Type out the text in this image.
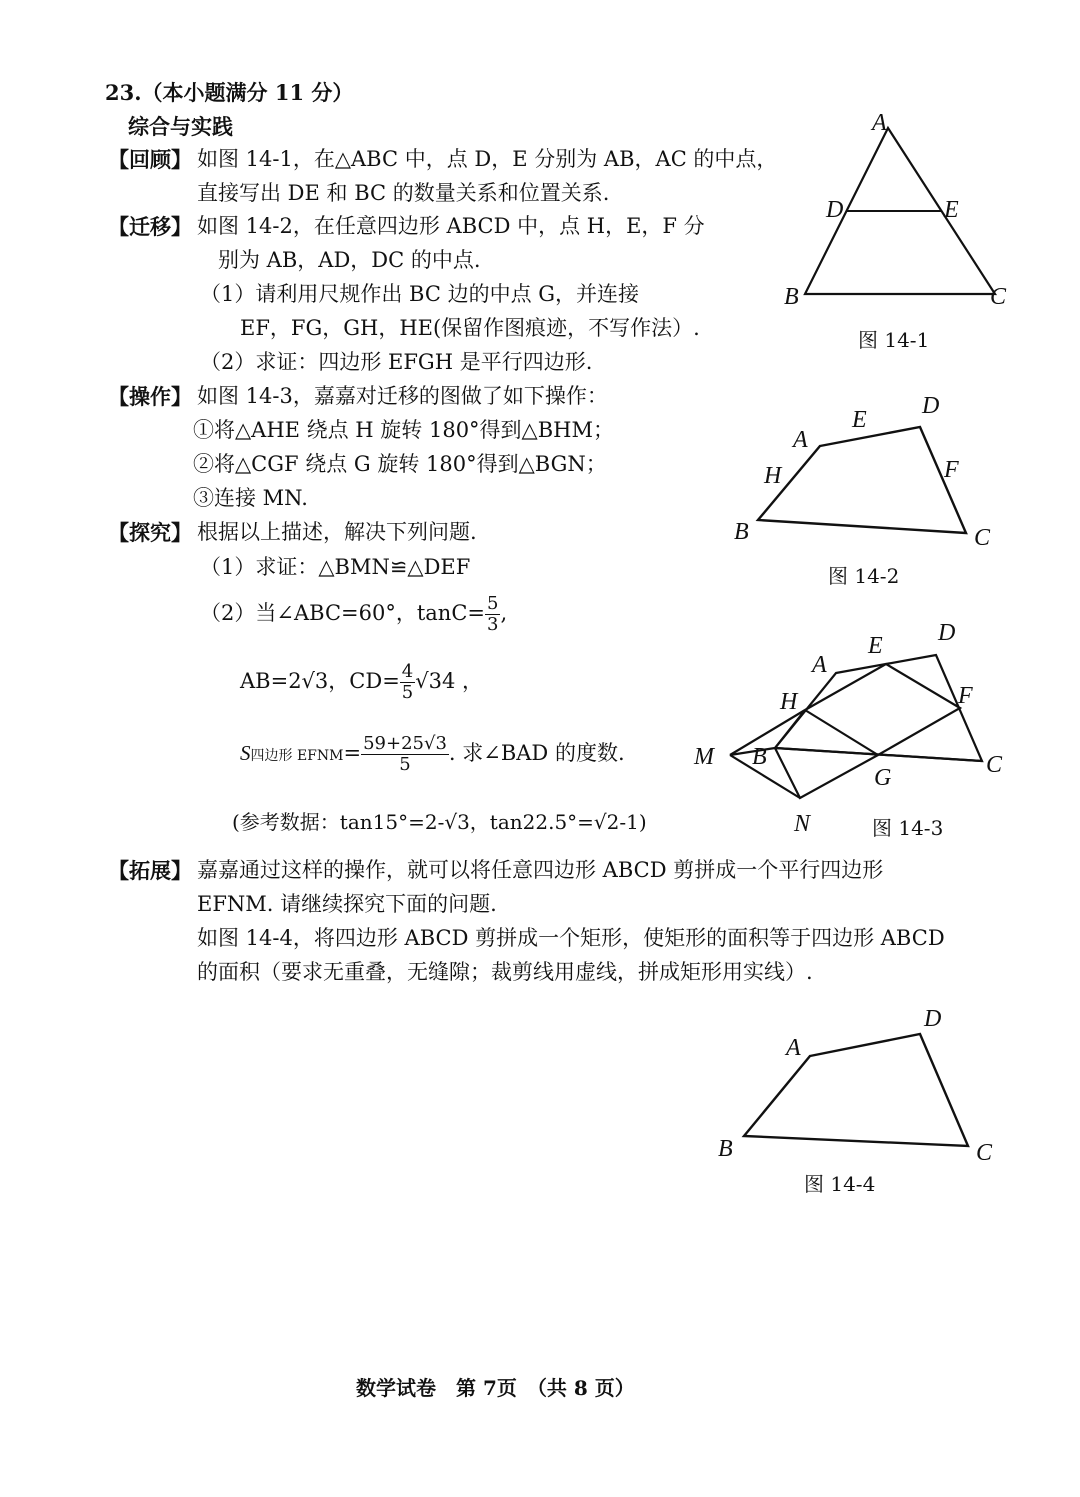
23.（本小题满分 11 分）
综合与实践
【回顾】 如图 14-1，在△ABC 中，点 D，E 分别为 AB，AC 的中点，
直接写出 DE 和 BC 的数量关系和位置关系.
【迁移】 如图 14-2，在任意四边形 ABCD 中，点 H，E，F 分
别为 AB，AD，DC 的中点.
（1）请利用尺规作出 BC 边的中点 G，并连接
EF，FG，GH，HE(保留作图痕迹，不写作法）.
（2）求证：四边形 EFGH 是平行四边形.
【操作】 如图 14-3，嘉嘉对迁移的图做了如下操作：
①将△AHE 绕点 H 旋转 180°得到△BHM；
②将△CGF 绕点 G 旋转 180°得到△BGN；
③连接 MN.
【探究】 根据以上描述，解决下列问题.
（1）求证：△BMN≌△DEF
（2）当∠ABC=60°，$\tan C= \frac{5}{3}$ ,
AB=2√3，$CD= \frac{4}{5} √34$ ，
S四边形 EFNM= $\frac{59+25√3}{5}$ . 求∠BAD 的度数.
(参考数据：tan15°=2-√3，tan22.5°=√2-1)
【拓展】 嘉嘉通过这样的操作，就可以将任意四边形 ABCD 剪拼成一个平行四边形
EFNM. 请继续探究下面的问题.
如图 14-4，将四边形 ABCD 剪拼成一个矩形，使矩形的面积等于四边形 ABCD
的面积（要求无重叠，无缝隙；裁剪线用虚线，拼成矩形用实线）.
A
D	E
B	C
图 14-1
A
E
D
H	F
B	C
图 14-2
A
E D
H	F
M B
G	C
N	图 14-3
A
D
B	C
图 14-4
数学试卷　第 7页　（共 8 页）
